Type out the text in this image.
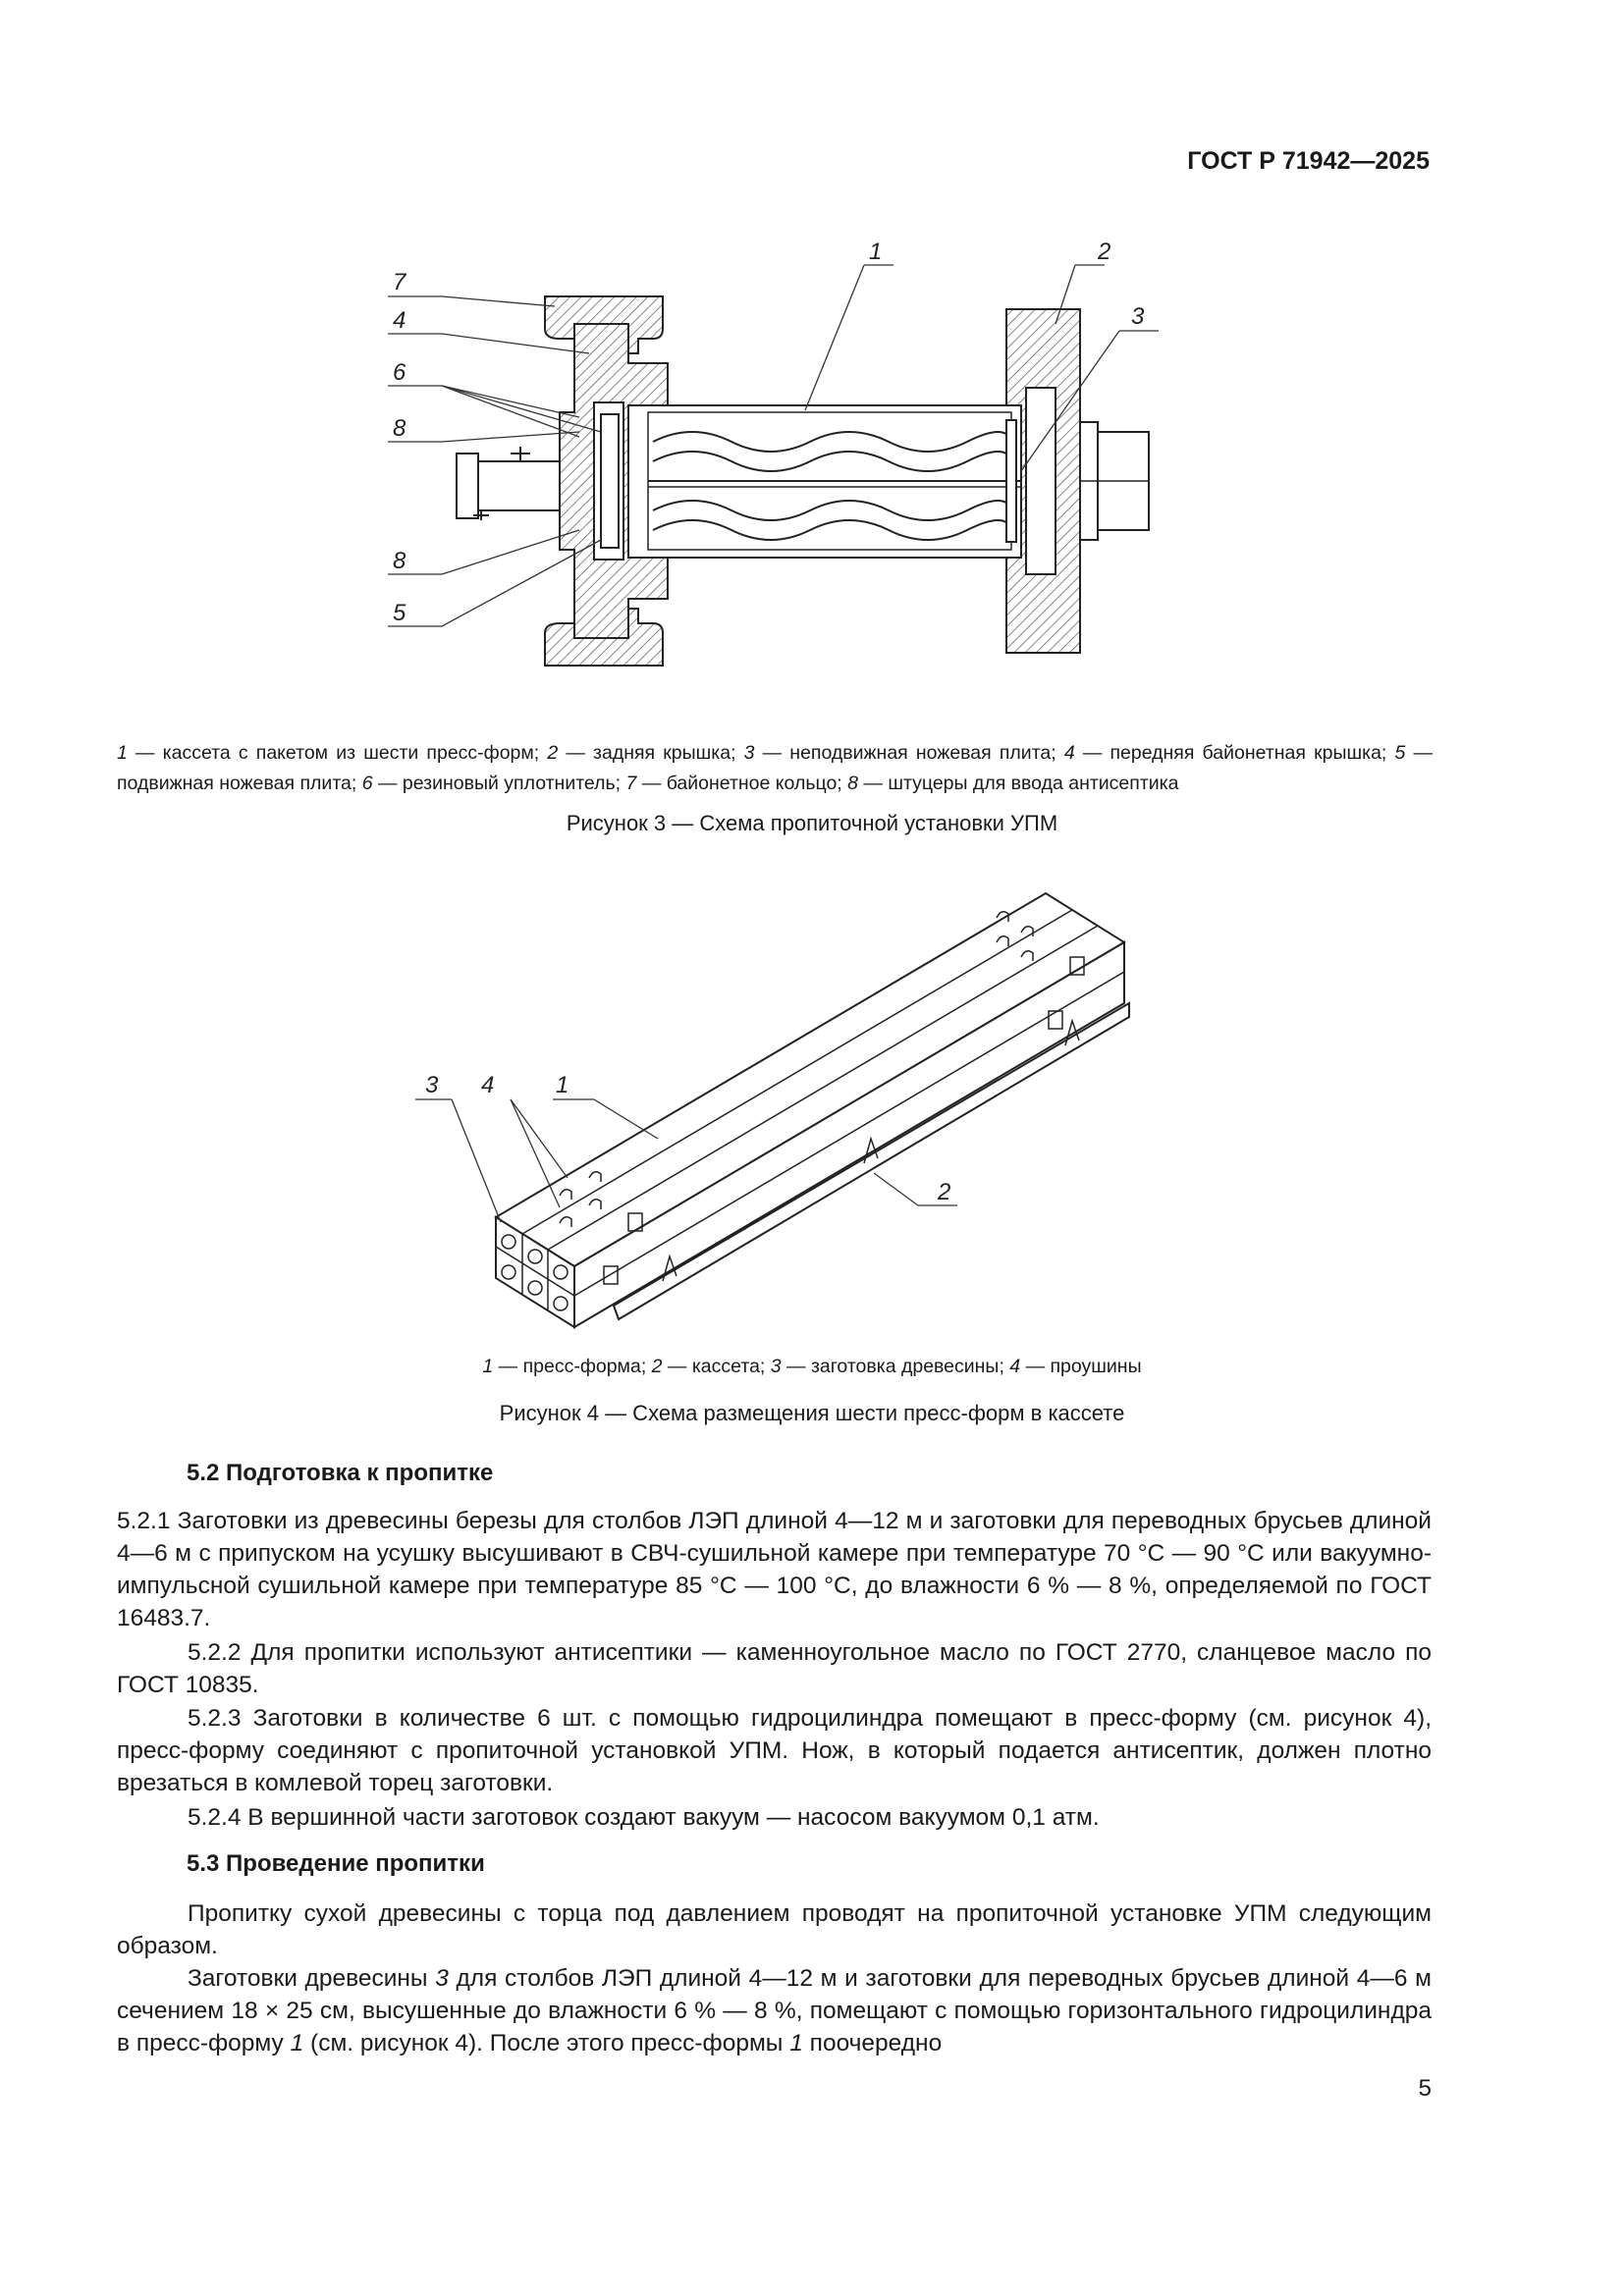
ГОСТ Р 71942—2025
7
4
6
8
8
5
1	2
3
1 — кассета с пакетом из шести пресс-форм; 2 — задняя крышка; 3 — неподвижная ножевая плита; 4 — передняя байонетная крышка; 5 — подвижная ножевая плита; 6 — резиновый уплотнитель; 7 — байонетное кольцо; 8 — штуцеры для ввода антисептика
Рисунок 3 — Схема пропиточной установки УПМ
3 4	1
2
1 — пресс-форма; 2 — кассета; 3 — заготовка древесины; 4 — проушины
Рисунок 4 — Схема размещения шести пресс-форм в кассете
5.2 Подготовка к пропитке
5.2.1 Заготовки из древесины березы для столбов ЛЭП длиной 4—12 м и заготовки для переводных брусьев длиной 4—6 м с припуском на усушку высушивают в СВЧ-сушильной камере при температуре 70 °С — 90 °С или вакуумно-импульсной сушильной камере при температуре 85 °С — 100 °С, до влажности 6 % — 8 %, определяемой по ГОСТ 16483.7.
5.2.2 Для пропитки используют антисептики — каменноугольное масло по ГОСТ 2770, сланцевое масло по ГОСТ 10835.
5.2.3 Заготовки в количестве 6 шт. с помощью гидроцилиндра помещают в пресс-форму (см. рисунок 4), пресс-форму соединяют с пропиточной установкой УПМ. Нож, в который подается антисептик, должен плотно врезаться в комлевой торец заготовки.
5.2.4 В вершинной части заготовок создают вакуум — насосом вакуумом 0,1 атм.
5.3 Проведение пропитки
Пропитку сухой древесины с торца под давлением проводят на пропиточной установке УПМ следующим образом.
Заготовки древесины 3 для столбов ЛЭП длиной 4—12 м и заготовки для переводных брусьев длиной 4—6 м сечением 18 × 25 см, высушенные до влажности 6 % — 8 %, помещают с помощью горизонтального гидроцилиндра в пресс-форму 1 (см. рисунок 4). После этого пресс-формы 1 поочередно
5
